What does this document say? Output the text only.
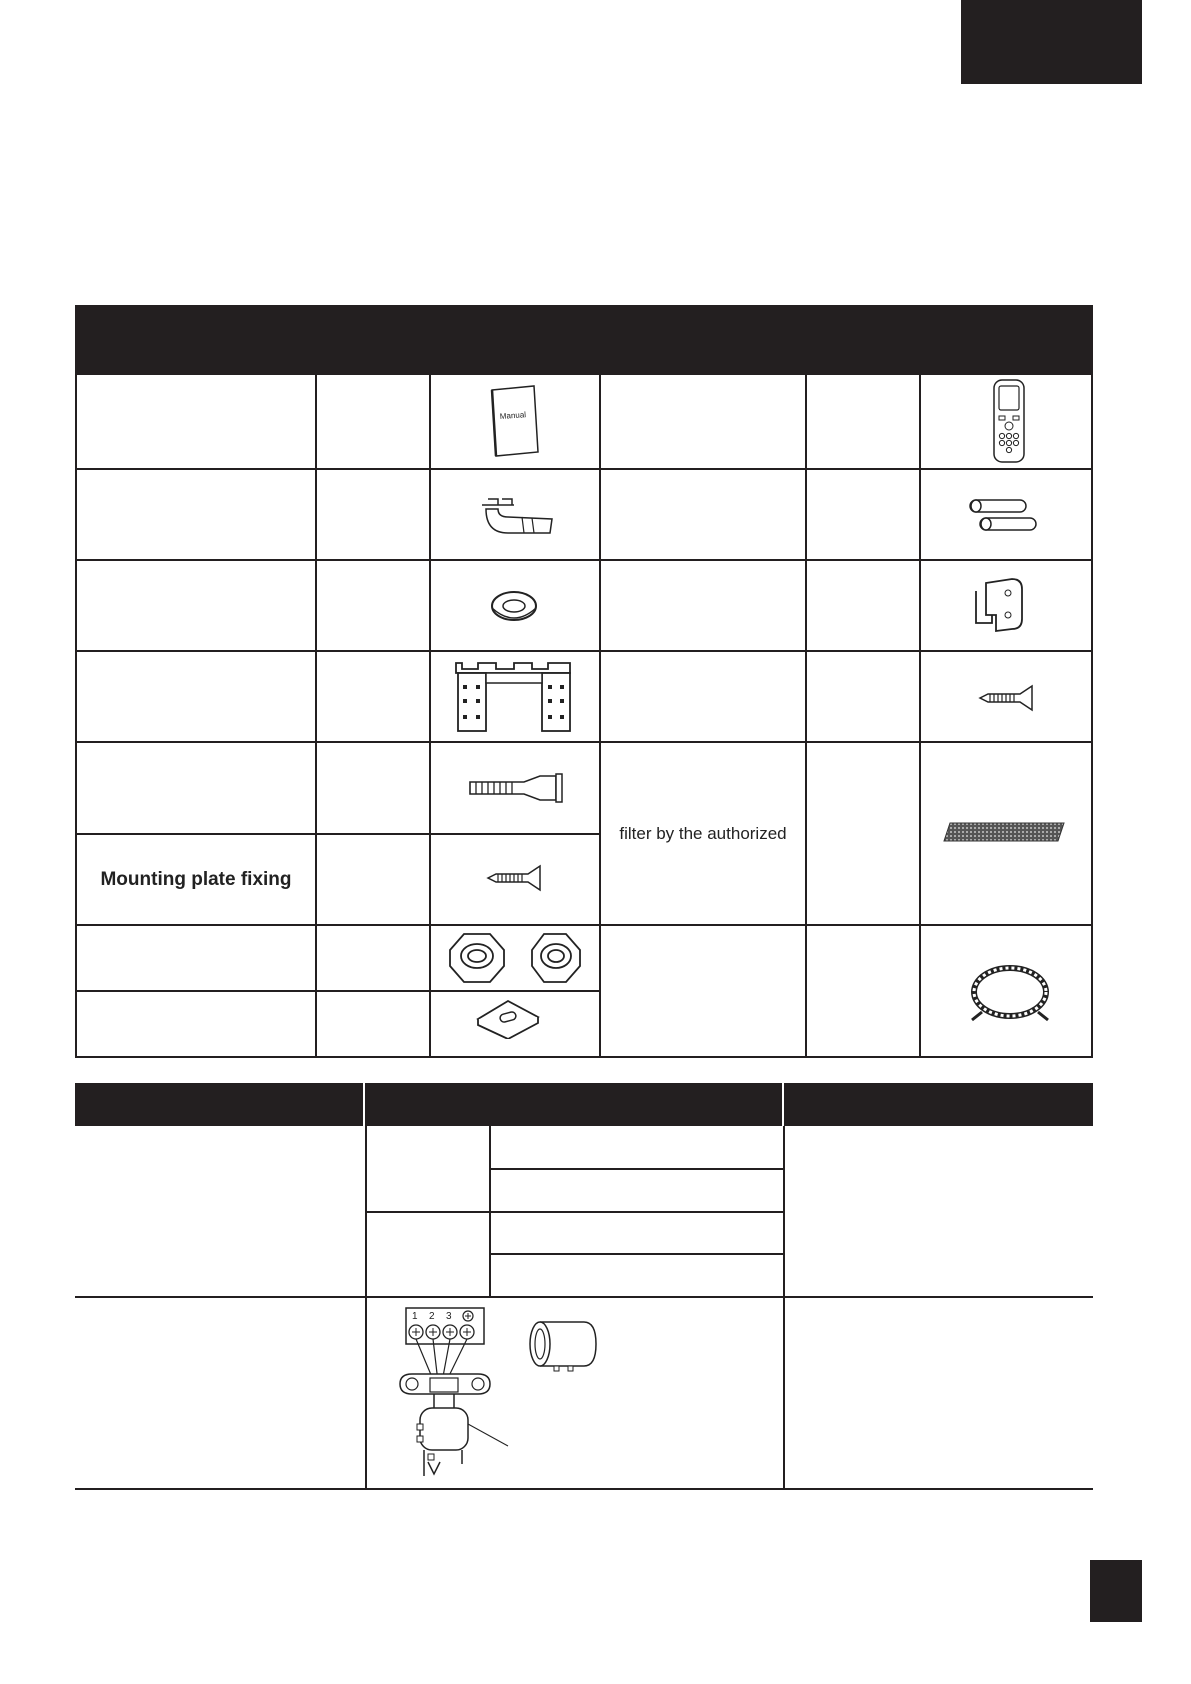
Mounting plate fixing
filter by the authorized
Manual
1 2 3
